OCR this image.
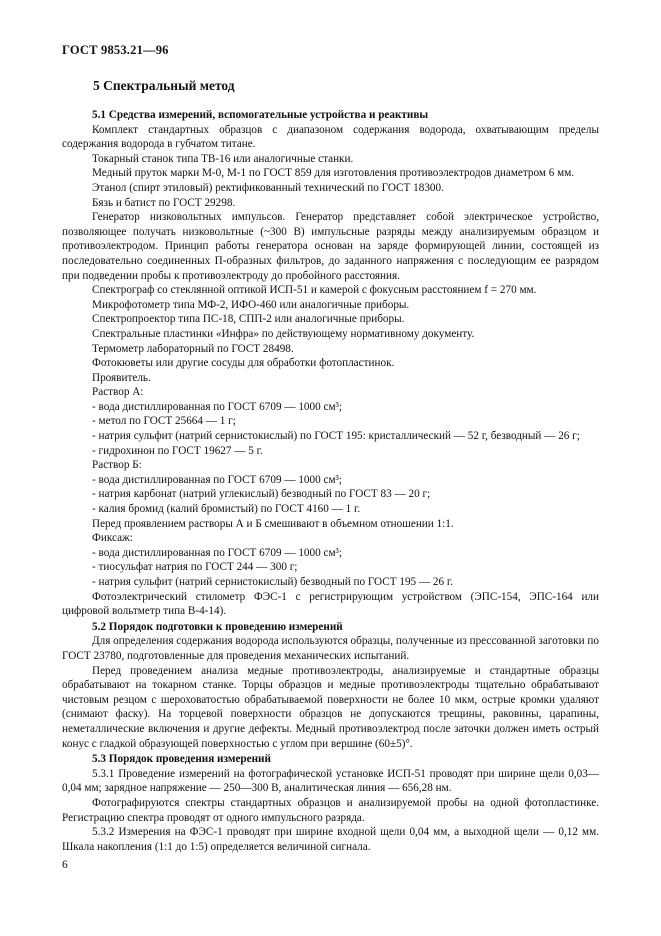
ГОСТ 9853.21—96
5 Спектральный метод

5.1 Средства измерений, вспомогательные устройства и реактивы

Комплект стандартных образцов с диапазоном содержания водорода, охватывающим пределы содержания водорода в губчатом титане.

Токарный станок типа ТВ-16 или аналогичные станки.

Медный пруток марки М-0, М-1 по ГОСТ 859 для изготовления противоэлектродов диаметром 6 мм.

Этанол (спирт этиловый) ректификованный технический по ГОСТ 18300.

Бязь и батист по ГОСТ 29298.

Генератор низковольтных импульсов. Генератор представляет собой электрическое устройство, позволяющее получать низковольтные (~300 В) импульсные разряды между анализируемым образцом и противоэлектродом. Принцип работы генератора основан на заряде формирующей линии, состоящей из последовательно соединенных П-образных фильтров, до заданного напряжения с последующим ее разрядом при подведении пробы к противоэлектроду до пробойного расстояния.

Спектрограф со стеклянной оптикой ИСП-51 и камерой с фокусным расстоянием f = 270 мм.

Микрофотометр типа МФ-2, ИФО-460 или аналогичные приборы.

Спектропроектор типа ПС-18, СПП-2 или аналогичные приборы.

Спектральные пластинки «Инфра» по действующему нормативному документу.

Термометр лабораторный по ГОСТ 28498.

Фотокюветы или другие сосуды для обработки фотопластинок.

Проявитель.

Раствор А:

- вода дистиллированная по ГОСТ 6709 — 1000 см³;

- метол по ГОСТ 25664 — 1 г;

- натрия сульфит (натрий сернистокислый) по ГОСТ 195: кристаллический — 52 г, безводный — 26 г;

- гидрохинон по ГОСТ 19627 — 5 г.

Раствор Б:

- вода дистиллированная по ГОСТ 6709 — 1000 см³;

- натрия карбонат (натрий углекислый) безводный по ГОСТ 83 — 20 г;

- калия бромид (калий бромистый) по ГОСТ 4160 — 1 г.

Перед проявлением растворы А и Б смешивают в объемном отношении 1:1.

Фиксаж:

- вода дистиллированная по ГОСТ 6709 — 1000 см³;

- тиосульфат натрия по ГОСТ 244 — 300 г;

- натрия сульфит (натрий сернистокислый) безводный по ГОСТ 195 — 26 г.

Фотоэлектрический стилометр ФЭС-1 с регистрирующим устройством (ЭПС-154, ЭПС-164 или цифровой вольтметр типа В-4-14).

5.2 Порядок подготовки к проведению измерений

Для определения содержания водорода используются образцы, полученные из прессованной заготовки по ГОСТ 23780, подготовленные для проведения механических испытаний.

Перед проведением анализа медные противоэлектроды, анализируемые и стандартные образцы обрабатывают на токарном станке. Торцы образцов и медные противоэлектроды тщательно обрабатывают чистовым резцом с шероховатостью обрабатываемой поверхности не более 10 мкм, острые кромки удаляют (снимают фаску). На торцевой поверхности образцов не допускаются трещины, раковины, царапины, неметаллические включения и другие дефекты. Медный противоэлектрод после заточки должен иметь острый конус с гладкой образующей поверхностью с углом при вершине (60±5)°.

5.3 Порядок проведения измерений

5.3.1 Проведение измерений на фотографической установке ИСП-51 проводят при ширине щели 0,03—0,04 мм; зарядное напряжение — 250—300 В, аналитическая линия — 656,28 нм.

Фотографируются спектры стандартных образцов и анализируемой пробы на одной фотопластинке. Регистрацию спектра проводят от одного импульсного разряда.

5.3.2 Измерения на ФЭС-1 проводят при ширине входной щели 0,04 мм, а выходной щели — 0,12 мм. Шкала накопления (1:1 до 1:5) определяется величиной сигнала.

6
